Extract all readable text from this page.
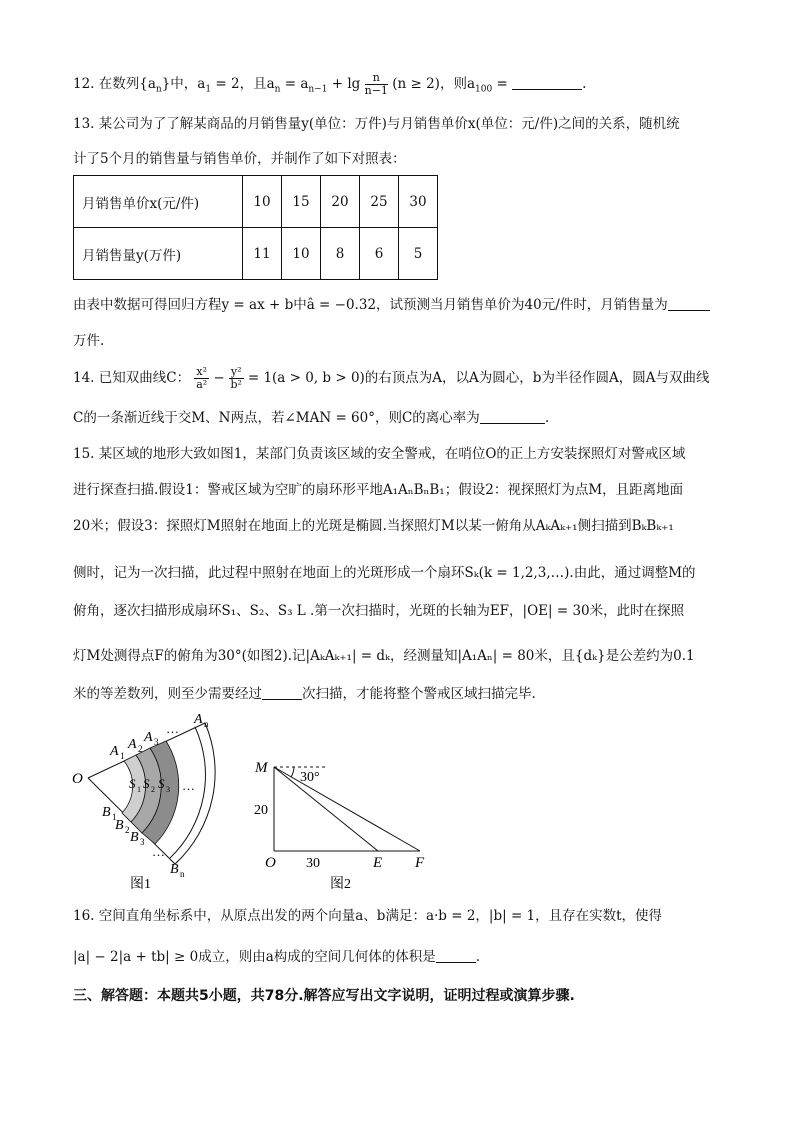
12. 在数列$\{a_n\}$中，$a_1 = 2$，且$a_n = a_{n-1} + \lg \frac{n}{n-1} (n \ge 2)$，则$a_{100}$ =	.
13. 某公司为了了解某商品的月销售量y(单位：万件)与月销售单价x(单位：元/件)之间的关系，随机统
计了5个月的销售量与销售单价，并制作了如下对照表：
月销售单价x(元/件)	10	15	20	25	30
月销售量y(万件)	11	10	8	6	5
由表中数据可得回归方程y = ax + b中â = −0.32，试预测当月销售单价为40元/件时，月销售量为
万件.
14. 已知双曲线C： $\frac{\text{x²}}{\text{a²}} - \frac{\text{y²}}{\text{b²}} = 1(a > 0$, b > 0)的右顶点为A，以A为圆心，b为半径作圆A，圆A与双曲线
C的一条渐近线于交M、N两点，若∠MAN = 60°，则C的离心率为	.
15. 某区域的地形大致如图1，某部门负责该区域的安全警戒，在哨位O的正上方安装探照灯对警戒区域
进行探查扫描.假设1：警戒区域为空旷的扇环形平地A₁AₙBₙB₁；假设2：视探照灯为点M，且距离地面
20米；假设3：探照灯M照射在地面上的光斑是椭圆.当探照灯M以某一俯角从AₖAₖ₊₁侧扫描到BₖBₖ₊₁
侧时，记为一次扫描，此过程中照射在地面上的光斑形成一个扇环Sₖ(k = 1,2,3,…).由此，通过调整M的
俯角，逐次扫描形成扇环S₁、S₂、S₃ L .第一次扫描时，光斑的长轴为EF，|OE| = 30米，此时在探照
灯M处测得点F的俯角为30°(如图2).记|AₖAₖ₊₁| = dₖ，经测量知|A₁Aₙ| = 80米，且{dₖ}是公差约为0.1
米的等差数列，则至少需要经过	次扫描，才能将整个警戒区域扫描完毕.
O
A 1
A 2
A 3
…
A n
S 1 S 2 S 3 …
B 1
B 2 B 3
…
B n
图1
M
30°
20
O 30	E F
图2
16. 空间直角坐标系中，从原点出发的两个向量a、b满足：a·b = 2，|b| = 1，且存在实数t，使得
|a| − 2|a + tb| ≥ 0成立，则由a构成的空间几何体的体积是	.
三、解答题：本题共5小题，共78分.解答应写出文字说明，证明过程或演算步骤.
